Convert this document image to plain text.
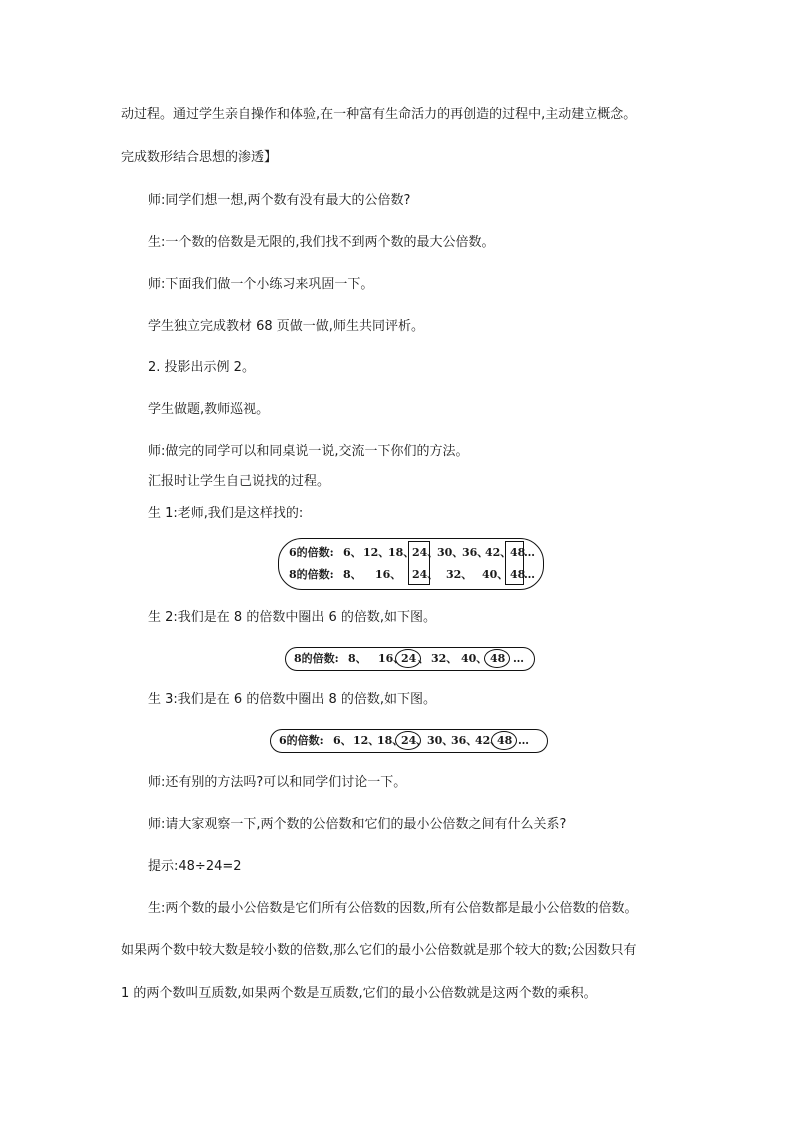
动过程。通过学生亲自操作和体验,在一种富有生命活力的再创造的过程中,主动建立概念。
完成数形结合思想的渗透】
师:同学们想一想,两个数有没有最大的公倍数?
生:一个数的倍数是无限的,我们找不到两个数的最大公倍数。
师:下面我们做一个小练习来巩固一下。
学生独立完成教材 68 页做一做,师生共同评析。
2. 投影出示例 2。
学生做题,教师巡视。
师:做完的同学可以和同桌说一说,交流一下你们的方法。
汇报时让学生自己说找的过程。
生 1:老师,我们是这样找的:
6的倍数: 6、 12、
18、
24、
30、
36、
42、
48
…
8的倍数: 8、 16、 24、 32、 40、 48
…
生 2:我们是在 8 的倍数中圈出 6 的倍数,如下图。
8的倍数: 8、 16、
24 、 32、 40、 48 …
生 3:我们是在 6 的倍数中圈出 8 的倍数,如下图。
6的倍数: 6、 12、
18、
24 、 30、
36、
42、
48 …
师:还有别的方法吗?可以和同学们讨论一下。
师:请大家观察一下,两个数的公倍数和它们的最小公倍数之间有什么关系?
提示:48÷24=2
生:两个数的最小公倍数是它们所有公倍数的因数,所有公倍数都是最小公倍数的倍数。
如果两个数中较大数是较小数的倍数,那么它们的最小公倍数就是那个较大的数;公因数只有
1 的两个数叫互质数,如果两个数是互质数,它们的最小公倍数就是这两个数的乘积。
